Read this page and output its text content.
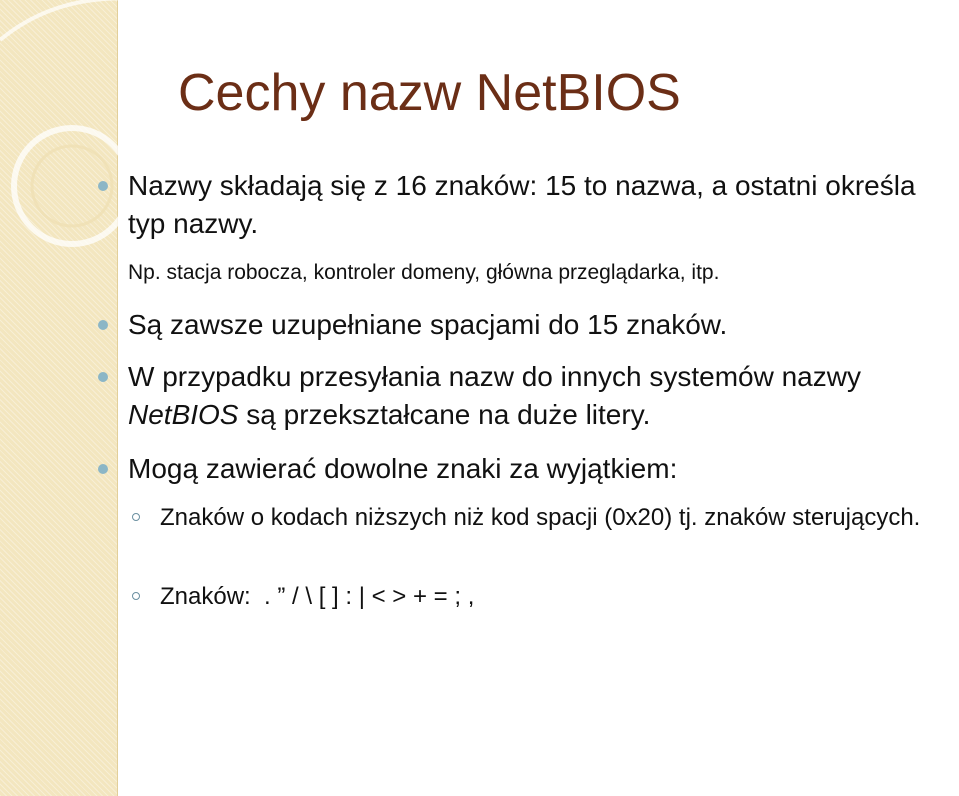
Cechy nazw NetBIOS
Nazwy składają się z 16 znaków: 15 to nazwa, a ostatni określa typ nazwy.
Np. stacja robocza, kontroler domeny, główna przeglądarka, itp.
Są zawsze uzupełniane spacjami do 15 znaków.
W przypadku przesyłania nazw do innych systemów nazwy NetBIOS są przekształcane na duże litery.
Mogą zawierać dowolne znaki za wyjątkiem:
Znaków o kodach niższych niż kod spacji (0x20) tj. znaków sterujących.
Znaków:  . ” / \ [ ] : | < > + = ; ,
